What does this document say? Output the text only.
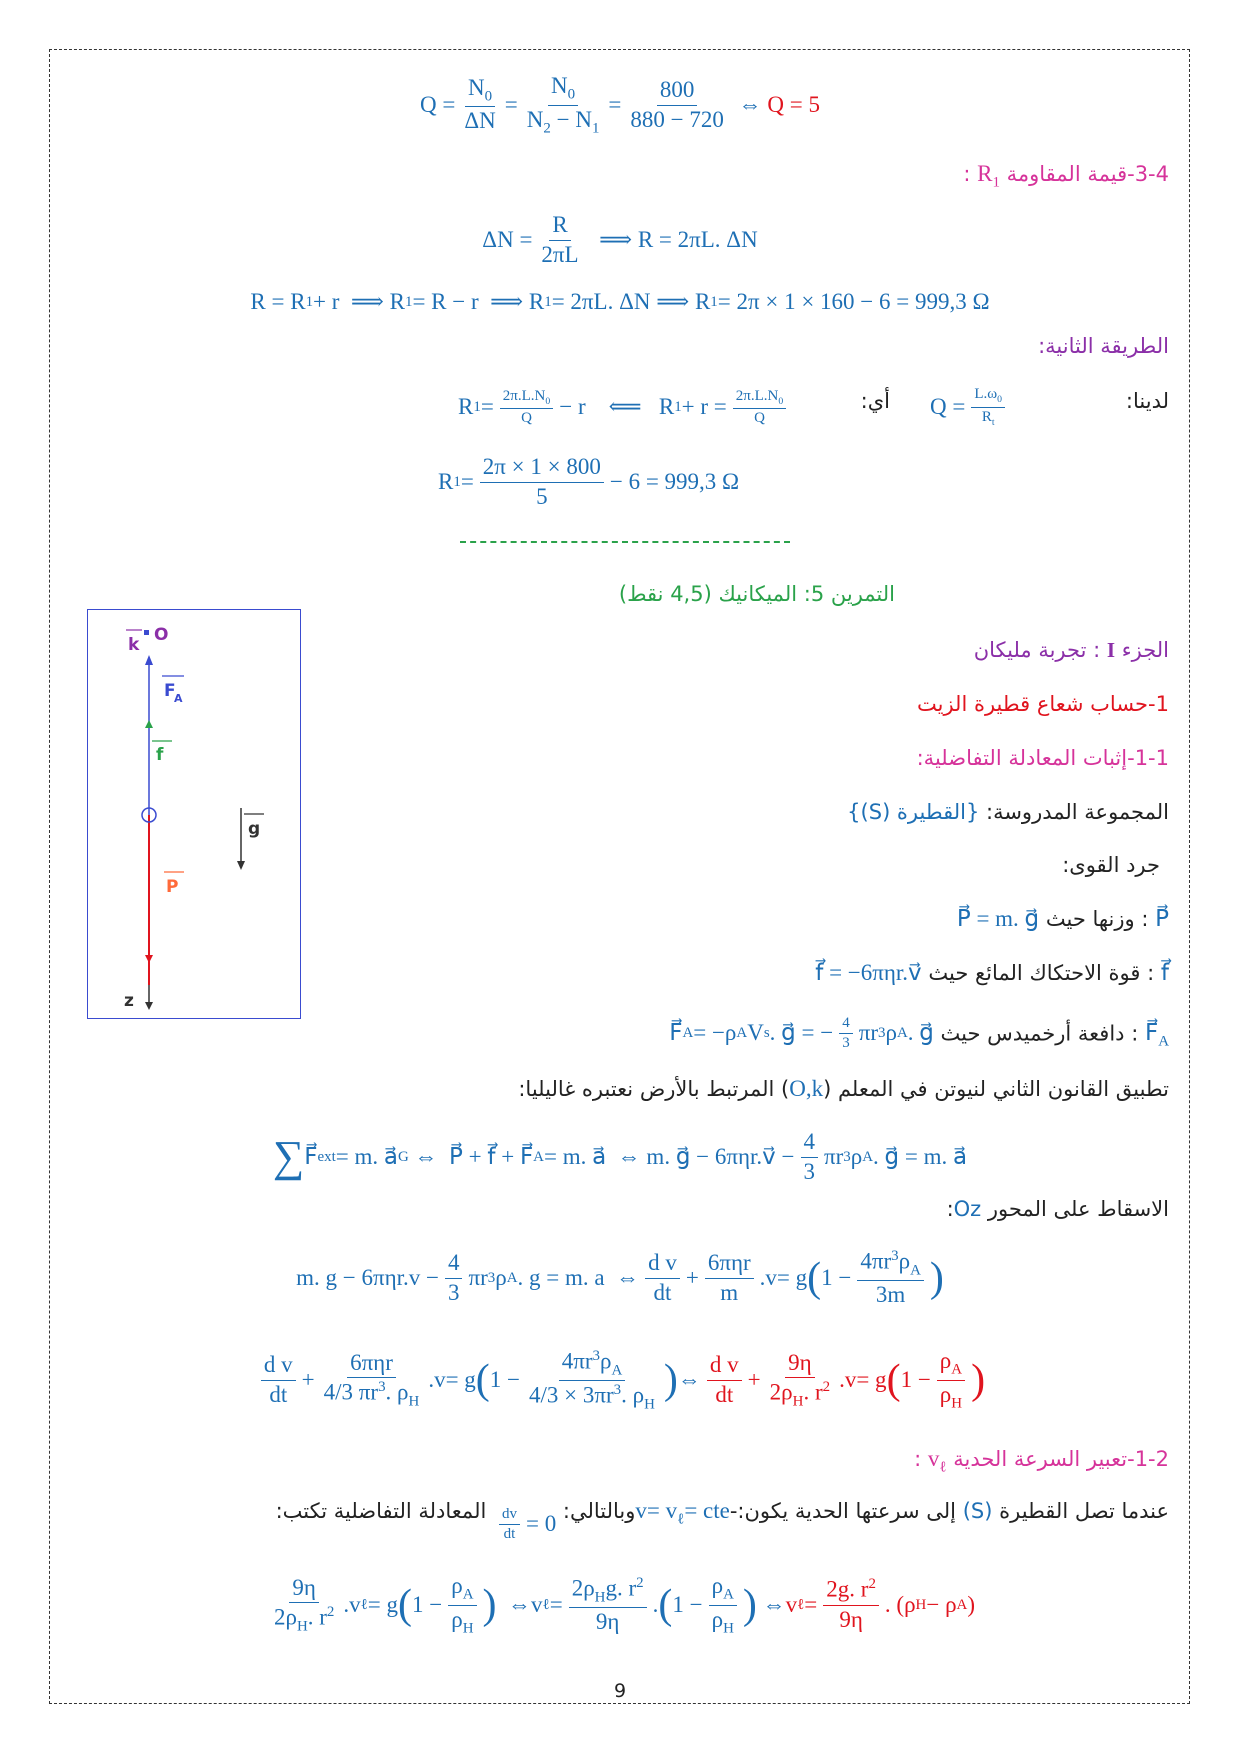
$Q = \frac{N_0}{\Delta N} = \frac{N_0}{N_2 - N_1} = \frac{800}{880 - 720}$ ⇔ Q = 5
3-4-قيمة المقاومة $R_1$ :
$\Delta N = \frac{R}{2\pi L}$ ⟹ R = 2πL. ΔN
R = R 1 + r  ⟹ R 1 = R − r  ⟹ R 1 = 2πL. ΔN ⟹ R 1 = 2π × 1 × 160 − 6 = 999,3 Ω
الطريقة الثانية:
لدينا:
R $1 = \frac{2\pi.L.N_0}{Q} - r$    ⟸   R $1 + r = \frac{2\pi.L.N_0}{Q}$	أي: $Q = \frac{L.\omega_0}{R_t}$
R $1 = \frac{2\pi \times 1 \times 800}{5} - 6 = 999,3$ Ω
التمرين 5: الميكانيك (4,5 نقط)
الجزء I : تجربة مليكان
1-حساب شعاع قطيرة الزيت
1-1-إثبات المعادلة التفاضلية:
المجموعة المدروسة: {القطيرة (S)}
جرد القوى:
P⃗ : وزنها حيث P⃗ = m. g⃗
f⃗ : قوة الاحتكاك المائع حيث f⃗ = −6πηr.v⃗
$F⃗_A$ : دافعة أرخميدس حيث F⃗ A = −ρ A V s . g⃗ = − $\frac{4}{3}$ πr 3 ρ A . g⃗
تطبيق القانون الثاني لنيوتن في المعلم (O,k) المرتبط بالأرض نعتبره غاليليا:
∑ F⃗ ext = m. a⃗ G ⇔  P⃗ + f⃗ + F⃗ A = m. a⃗  ⇔ m. g⃗ − 6πηr.v⃗ − $\frac{4}{3}$ πr 3 ρ A . g⃗ = m. a⃗
الاسقاط على المحور Oz:
m. $g - 6\pi\eta r.v - \frac{4}{3}$ πr 3 ρ A . g = m. a  ⇔ $\frac{\text{d v}}{dt} + \frac{\text{6πηr}}{m} .v= g$ ( $1 - \frac{4\pi r^3\rho_A}{3m}$ )
$\frac{\text{d v}}{dt} + \frac{\text{6πηr}}{4/3 \pi r^3. \rho_H} .v= g$ ( $1 - \frac{4\pi r^3\rho_A}{4/3 \times 3\pi r^3. \rho_H}$ ) ⇔ $\frac{\text{d v}}{dt} + \frac{9\eta}{2\rho_H. r^2} .v= g$ ( $1 - \frac{\rho_A}{\rho_H}$ )
1-2-تعبير السرعة الحدية $v_\ell$ :
عندما تصل القطيرة (S) إلى سرعتها الحدية يكون:-v= $v_\ell=$ cteوبالتالي:
$\frac{dv}{dt} = 0$ المعادلة التفاضلية تكتب:
$\frac{9\eta}{2\rho_H. r^2} .v$ ℓ = g ( $1 - \frac{\rho_A}{\rho_H}$ ) ⇔v ℓ = $\frac{2\rho_Hg. r^2}{9\eta}$ . ( $1 - \frac{\rho_A}{\rho_H}$ ) ⇔ v ℓ = $\frac{2g. r^2}{9\eta}$ . (ρ H − ρ A )
k O
F
A
f
g
P
z
9
